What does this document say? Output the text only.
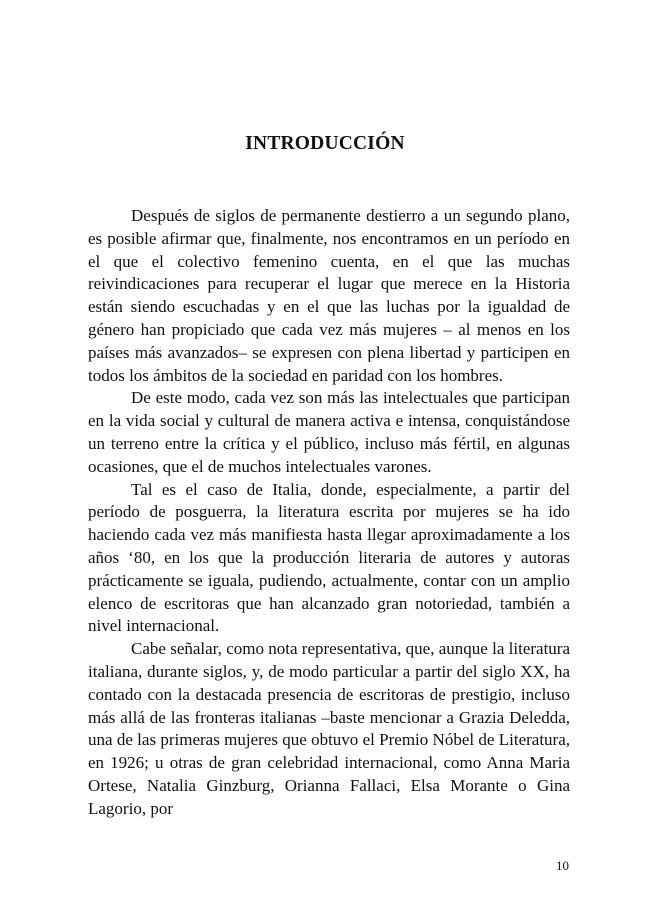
INTRODUCCIÓN

Después de siglos de permanente destierro a un segundo plano, es posible afirmar que, finalmente, nos encontramos en un período en el que el colectivo femenino cuenta, en el que las muchas reivindicaciones para recuperar el lugar que merece en la Historia están siendo escuchadas y en el que las luchas por la igualdad de género han propiciado que cada vez más mujeres – al menos en los países más avanzados– se expresen con plena libertad y participen en todos los ámbitos de la sociedad en paridad con los hombres.

De este modo, cada vez son más las intelectuales que participan en la vida social y cultural de manera activa e intensa, conquistándose un terreno entre la crítica y el público, incluso más fértil, en algunas ocasiones, que el de muchos intelectuales varones.

Tal es el caso de Italia, donde, especialmente, a partir del período de posguerra, la literatura escrita por mujeres se ha ido haciendo cada vez más manifiesta hasta llegar aproximadamente a los años ‘80, en los que la producción literaria de autores y autoras prácticamente se iguala, pudiendo, actualmente, contar con un amplio elenco de escritoras que han alcanzado gran notoriedad, también a nivel internacional.

Cabe señalar, como nota representativa, que, aunque la literatura italiana, durante siglos, y, de modo particular a partir del siglo XX, ha contado con la destacada presencia de escritoras de prestigio, incluso más allá de las fronteras italianas –baste mencionar a Grazia Deledda, una de las primeras mujeres que obtuvo el Premio Nóbel de Literatura, en 1926; u otras de gran celebridad internacional, como Anna Maria Ortese, Natalia Ginzburg, Orianna Fallaci, Elsa Morante o Gina Lagorio, por

10
